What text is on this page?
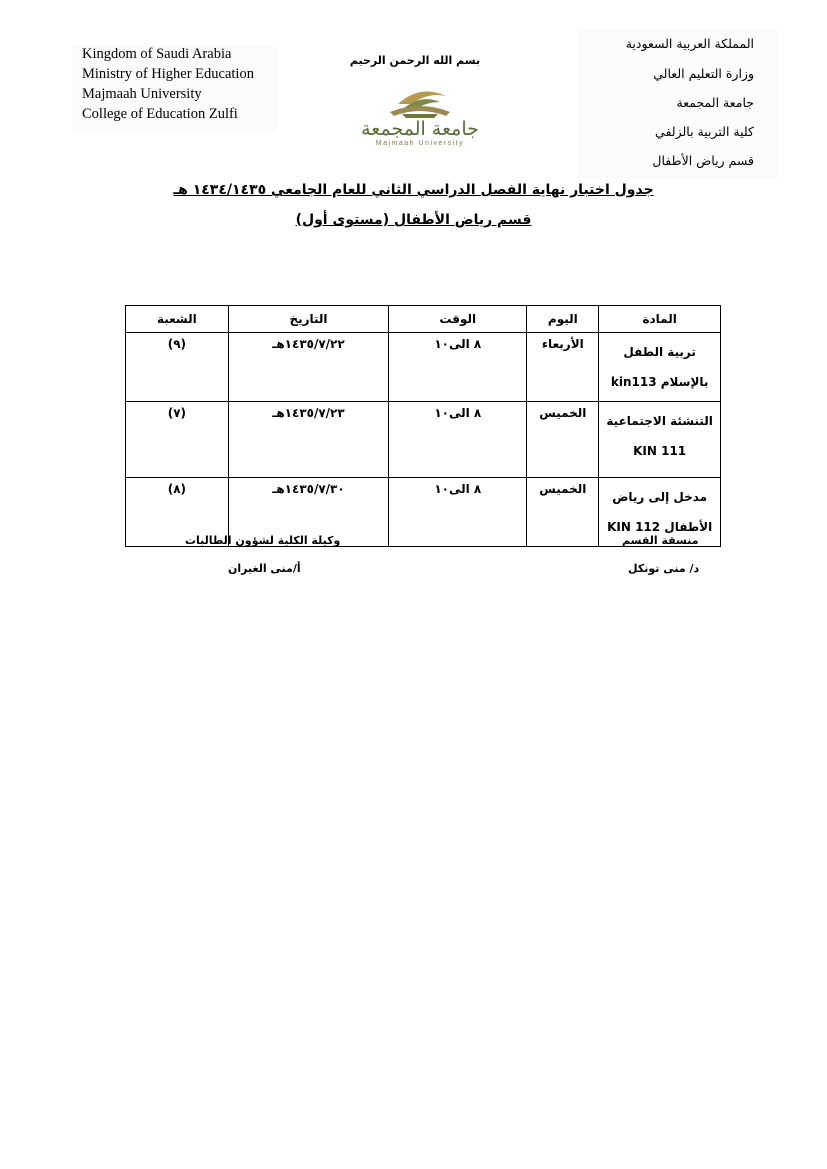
Kingdom of Saudi Arabia
Ministry of Higher Education
Majmaah University
College of Education Zulfi
بسم الله الرحمن الرحيم
جامعة المجمعة
Majmaah University
المملكة العربية السعودية
وزارة التعليم العالي
جامعة المجمعة
كلية التربية بالزلفي
قسم رياض الأطفال
جدول اختبار نهاية الفصل الدراسي الثاني للعام الجامعي ١٤٣٤/١٤٣٥ هـ
قسم رياض الأطفال (مستوى أول)
المادة	اليوم	الوقت	التاريخ	الشعبة
تربية الطفل بالإسلام kin113	الأربعاء	٨ الى١٠	١٤٣٥/٧/٢٢هـ	(٩)
التنشئة الاجتماعية KIN 111	الخميس	٨ الى١٠	١٤٣٥/٧/٢٣هـ	(٧)
مدخل إلى رياض الأطفال KIN 112	الخميس	٨ الى١٠	١٤٣٥/٧/٣٠هـ	(٨)
وكيلة الكلية لشؤون الطالبات
أ/منى الغيران
منسقة القسم
د/ منى تونكل
